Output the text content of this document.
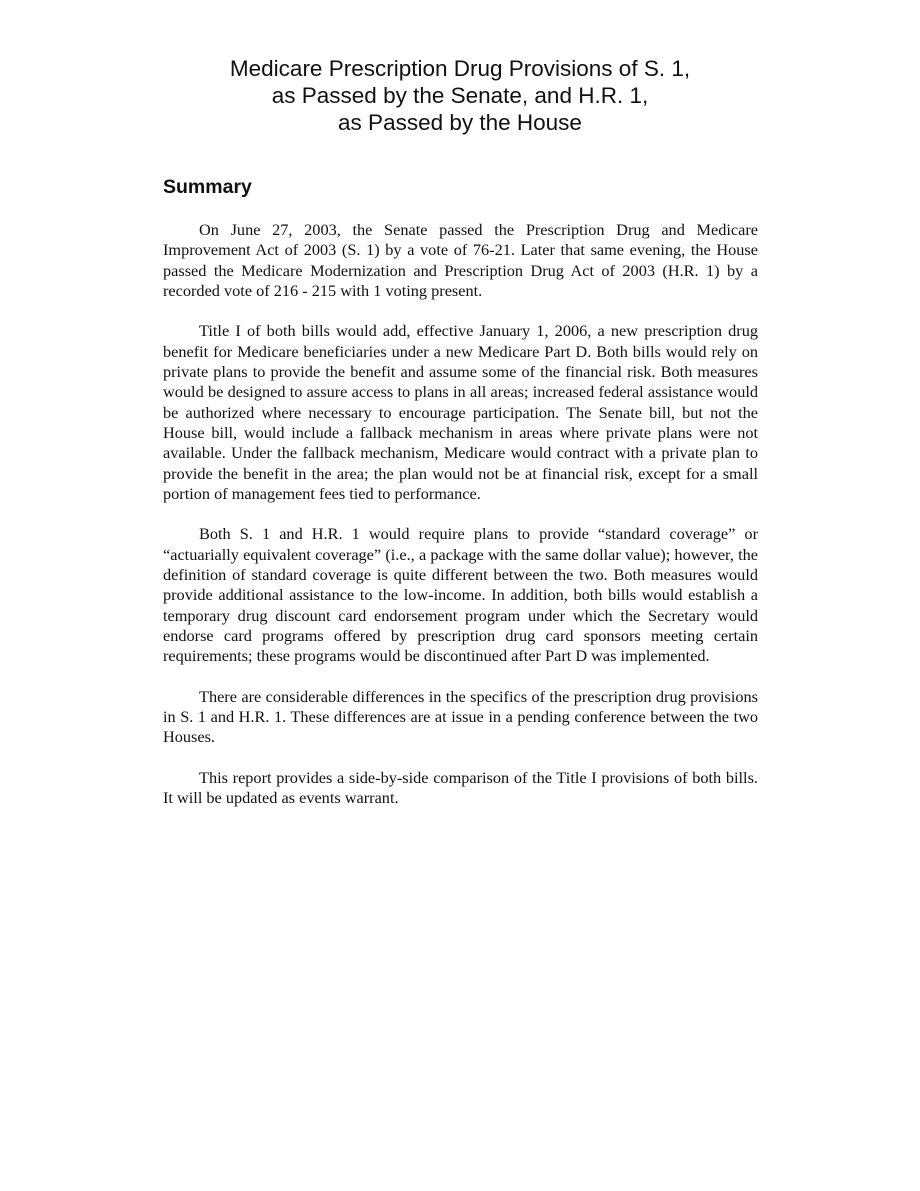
Medicare Prescription Drug Provisions of S. 1,
as Passed by the Senate, and H.R. 1,
as Passed by the House
Summary

On June 27, 2003, the Senate passed the Prescription Drug and Medicare Improvement Act of 2003 (S. 1) by a vote of 76-21. Later that same evening, the House passed the Medicare Modernization and Prescription Drug Act of 2003 (H.R. 1) by a recorded vote of 216 - 215 with 1 voting present.

Title I of both bills would add, effective January 1, 2006, a new prescription drug benefit for Medicare beneficiaries under a new Medicare Part D. Both bills would rely on private plans to provide the benefit and assume some of the financial risk. Both measures would be designed to assure access to plans in all areas; increased federal assistance would be authorized where necessary to encourage participation. The Senate bill, but not the House bill, would include a fallback mechanism in areas where private plans were not available. Under the fallback mechanism, Medicare would contract with a private plan to provide the benefit in the area; the plan would not be at financial risk, except for a small portion of management fees tied to performance.

Both S. 1 and H.R. 1 would require plans to provide “standard coverage” or “actuarially equivalent coverage” (i.e., a package with the same dollar value); however, the definition of standard coverage is quite different between the two. Both measures would provide additional assistance to the low-income. In addition, both bills would establish a temporary drug discount card endorsement program under which the Secretary would endorse card programs offered by prescription drug card sponsors meeting certain requirements; these programs would be discontinued after Part D was implemented.

There are considerable differences in the specifics of the prescription drug provisions in S. 1 and H.R. 1. These differences are at issue in a pending conference between the two Houses.

This report provides a side-by-side comparison of the Title I provisions of both bills. It will be updated as events warrant.
